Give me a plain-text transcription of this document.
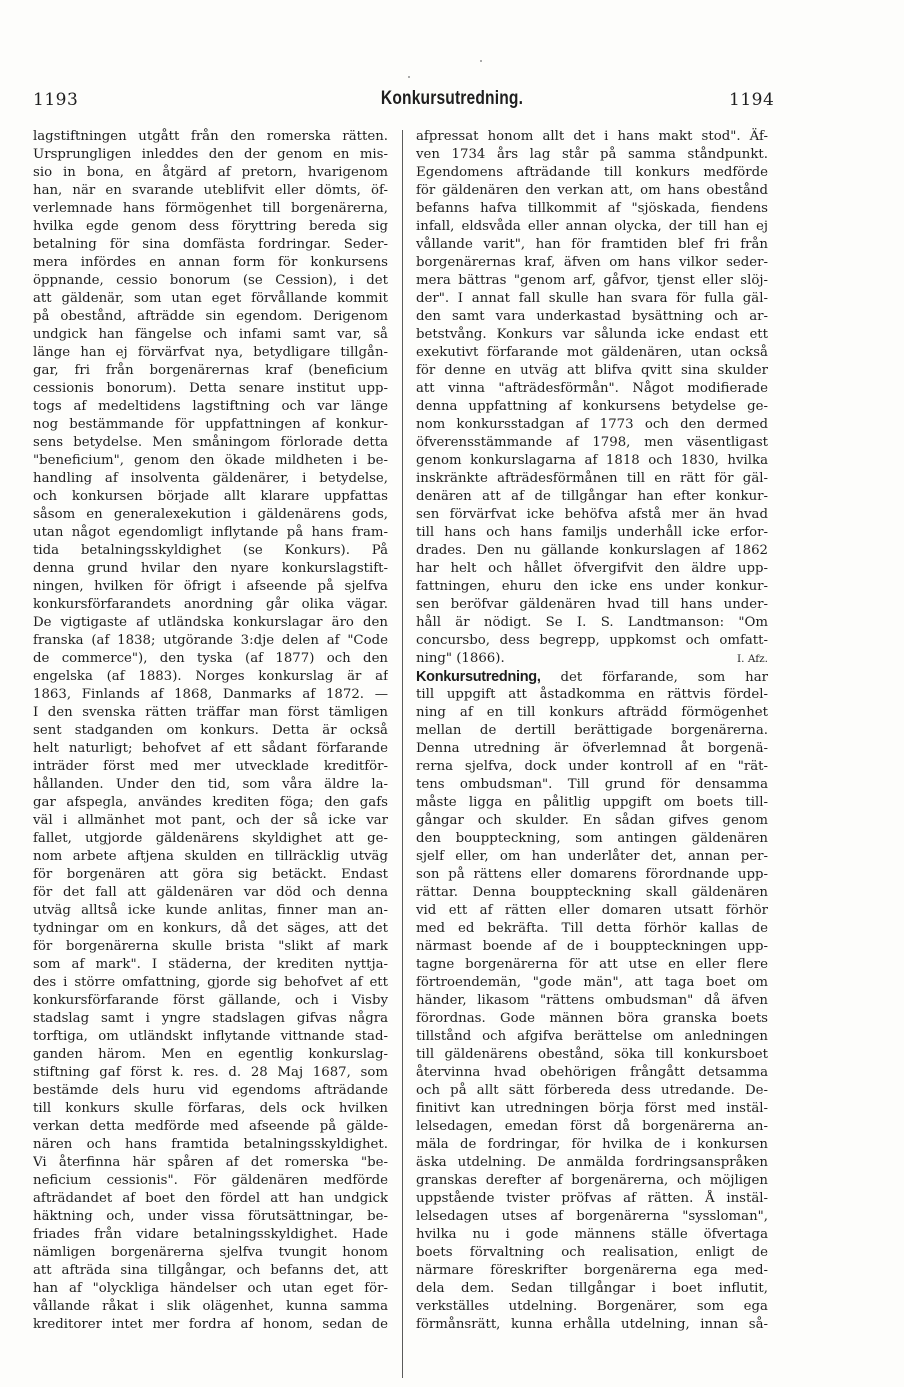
1193	Konkursutredning.	1194
lagstiftningen utgått från den romerska rätten.
Ursprungligen inleddes den der genom en mis-
sio in bona, en åtgärd af pretorn, hvarigenom
han, när en svarande uteblifvit eller dömts, öf-
verlemnade hans förmögenhet till borgenärerna,
hvilka egde genom dess föryttring bereda sig
betalning för sina domfästa fordringar. Seder-
mera infördes en annan form för konkursens
öppnande, cessio bonorum (se Cession), i det
att gäldenär, som utan eget förvållande kommit
på obestånd, afträdde sin egendom. Derigenom
undgick han fängelse och infami samt var, så
länge han ej förvärfvat nya, betydligare tillgån-
gar, fri från borgenärernas kraf (beneficium
cessionis bonorum). Detta senare institut upp-
togs af medeltidens lagstiftning och var länge
nog bestämmande för uppfattningen af konkur-
sens betydelse. Men småningom förlorade detta
"beneficium", genom den ökade mildheten i be-
handling af insolventa gäldenärer, i betydelse,
och konkursen började allt klarare uppfattas
såsom en generalexekution i gäldenärens gods,
utan något egendomligt inflytande på hans fram-
tida betalningsskyldighet (se Konkurs). På
denna grund hvilar den nyare konkurslagstift-
ningen, hvilken för öfrigt i afseende på sjelfva
konkursförfarandets anordning går olika vägar.
De vigtigaste af utländska konkurslagar äro den
franska (af 1838; utgörande 3:dje delen af "Code
de commerce"), den tyska (af 1877) och den
engelska (af 1883). Norges konkurslag är af
1863, Finlands af 1868, Danmarks af 1872. —
I den svenska rätten träffar man först tämligen
sent stadganden om konkurs. Detta är också
helt naturligt; behofvet af ett sådant förfarande
inträder först med mer utvecklade kreditför-
hållanden. Under den tid, som våra äldre la-
gar afspegla, användes krediten föga; den gafs
väl i allmänhet mot pant, och der så icke var
fallet, utgjorde gäldenärens skyldighet att ge-
nom arbete aftjena skulden en tillräcklig utväg
för borgenären att göra sig betäckt. Endast
för det fall att gäldenären var död och denna
utväg alltså icke kunde anlitas, finner man an-
tydningar om en konkurs, då det säges, att det
för borgenärerna skulle brista "slikt af mark
som af mark". I städerna, der krediten nyttja-
des i större omfattning, gjorde sig behofvet af ett
konkursförfarande först gällande, och i Visby
stadslag samt i yngre stadslagen gifvas några
torftiga, om utländskt inflytande vittnande stad-
ganden härom. Men en egentlig konkurslag-
stiftning gaf först k. res. d. 28 Maj 1687, som
bestämde dels huru vid egendoms afträdande
till konkurs skulle förfaras, dels ock hvilken
verkan detta medförde med afseende på gälde-
nären och hans framtida betalningsskyldighet.
Vi återfinna här spåren af det romerska "be-
neficium cessionis". För gäldenären medförde
afträdandet af boet den fördel att han undgick
häktning och, under vissa förutsättningar, be-
friades från vidare betalningsskyldighet. Hade
nämligen borgenärerna sjelfva tvungit honom
att afträda sina tillgångar, och befanns det, att
han af "olyckliga händelser och utan eget för-
vållande råkat i slik olägenhet, kunna samma
kreditorer intet mer fordra af honom, sedan de
afpressat honom allt det i hans makt stod". Äf-
ven 1734 års lag står på samma ståndpunkt.
Egendomens afträdande till konkurs medförde
för gäldenären den verkan att, om hans obestånd
befanns hafva tillkommit af "sjöskada, fiendens
infall, eldsvåda eller annan olycka, der till han ej
vållande varit", han för framtiden blef fri från
borgenärernas kraf, äfven om hans vilkor seder-
mera bättras "genom arf, gåfvor, tjenst eller slöj-
der". I annat fall skulle han svara för fulla gäl-
den samt vara underkastad bysättning och ar-
betstvång. Konkurs var sålunda icke endast ett
exekutivt förfarande mot gäldenären, utan också
för denne en utväg att blifva qvitt sina skulder
att vinna "afträdesförmån". Något modifierade
denna uppfattning af konkursens betydelse ge-
nom konkursstadgan af 1773 och den dermed
öfverensstämmande af 1798, men väsentligast
genom konkurslagarna af 1818 och 1830, hvilka
inskränkte afträdesförmånen till en rätt för gäl-
denären att af de tillgångar han efter konkur-
sen förvärfvat icke behöfva afstå mer än hvad
till hans och hans familjs underhåll icke erfor-
drades. Den nu gällande konkurslagen af 1862
har helt och hållet öfvergifvit den äldre upp-
fattningen, ehuru den icke ens under konkur-
sen beröfvar gäldenären hvad till hans under-
håll är nödigt. Se I. S. Landtmanson: "Om
concursbo, dess begrepp, uppkomst och omfatt-
ning" (1866).	I. Afz.
Konkursutredning, det förfarande, som har
till uppgift att åstadkomma en rättvis fördel-
ning af en till konkurs afträdd förmögenhet
mellan de dertill berättigade borgenärerna.
Denna utredning är öfverlemnad åt borgenä-
rerna sjelfva, dock under kontroll af en "rät-
tens ombudsman". Till grund för densamma
måste ligga en pålitlig uppgift om boets till-
gångar och skulder. En sådan gifves genom
den bouppteckning, som antingen gäldenären
sjelf eller, om han underlåter det, annan per-
son på rättens eller domarens förordnande upp-
rättar. Denna bouppteckning skall gäldenären
vid ett af rätten eller domaren utsatt förhör
med ed bekräfta. Till detta förhör kallas de
närmast boende af de i bouppteckningen upp-
tagne borgenärerna för att utse en eller flere
förtroendemän, "gode män", att taga boet om
händer, likasom "rättens ombudsman" då äfven
förordnas. Gode männen böra granska boets
tillstånd och afgifva berättelse om anledningen
till gäldenärens obestånd, söka till konkursboet
återvinna hvad obehörigen frångått detsamma
och på allt sätt förbereda dess utredande. De-
finitivt kan utredningen börja först med instäl-
lelsedagen, emedan först då borgenärerna an-
mäla de fordringar, för hvilka de i konkursen
äska utdelning. De anmälda fordringsanspråken
granskas derefter af borgenärerna, och möjligen
uppstående tvister pröfvas af rätten. Å instäl-
lelsedagen utses af borgenärerna "syssloman",
hvilka nu i gode männens ställe öfvertaga
boets förvaltning och realisation, enligt de
närmare föreskrifter borgenärerna ega med-
dela dem. Sedan tillgångar i boet influtit,
verkställes utdelning. Borgenärer, som ega
förmånsrätt, kunna erhålla utdelning, innan så-
